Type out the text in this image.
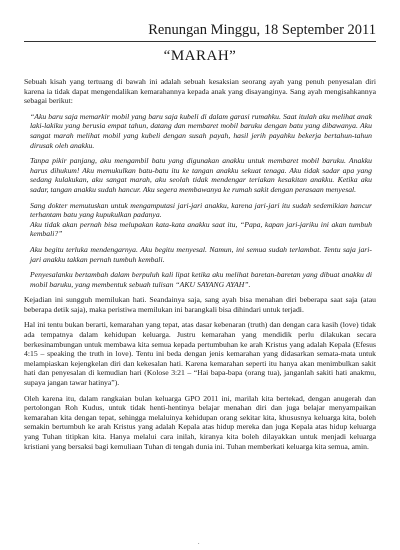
Renungan Minggu, 18 September 2011
“MARAH”

Sebuah kisah yang tertuang di bawah ini adalah sebuah kesaksian seorang ayah yang penuh penyesalan diri karena ia tidak dapat mengendalikan kemarahannya kepada anak yang disayanginya. Sang ayah mengisahkannya sebagai berikut:

“Aku baru saja memarkir mobil yang baru saja kubeli di dalam garasi rumahku. Saat itulah aku melihat anak laki-lakiku yang berusia empat tahun, datang dan membaret mobil baruku dengan batu yang dibawanya. Aku sangat marah melihat mobil yang kubeli dengan susah payah, hasil jerih payahku bekerja bertahun-tahun dirusak oleh anakku.

Tanpa pikir panjang, aku mengambil batu yang digunakan anakku untuk membaret mobil baruku. Anakku harus dihukum! Aku memukulkan batu-batu itu ke tangan anakku sekuat tenaga. Aku tidak sadar apa yang sedang kulakukan, aku sangat marah, aku seolah tidak mendengar teriakan kesakitan anakku. Ketika aku sadar, tangan anakku sudah hancur. Aku segera membawanya ke rumah sakit dengan perasaan menyesal.

Sang dokter memutuskan untuk mengamputasi jari-jari anakku, karena jari-jari itu sudah sedemikian hancur terhantam batu yang kupukulkan padanya.
Aku tidak akan pernah bisa melupakan kata-kata anakku saat itu, “Papa, kapan jari-jariku ini akan tumbuh kembali?”

Aku begitu terluka mendengarnya. Aku begitu menyesal. Namun, ini semua sudah terlambat. Tentu saja jari-jari anakku takkan pernah tumbuh kembali.

Penyesalanku bertambah dalam berpuluh kali lipat ketika aku melihat baretan-baretan yang dibuat anakku di mobil baruku, yang membentuk sebuah tulisan “AKU SAYANG AYAH”.

Kejadian ini sungguh memilukan hati. Seandainya saja, sang ayah bisa menahan diri beberapa saat saja (atau beberapa detik saja), maka peristiwa memilukan ini barangkali bisa dihindari untuk terjadi.

Hal ini tentu bukan berarti, kemarahan yang tepat, atas dasar kebenaran (truth) dan dengan cara kasih (love) tidak ada tempatnya dalam kehidupan keluarga. Justru kemarahan yang mendidik perlu dilakukan secara berkesinambungan untuk membawa kita semua kepada pertumbuhan ke arah Kristus yang adalah Kepala (Efesus 4:15 – speaking the truth in love). Tentu ini beda dengan jenis kemarahan yang didasarkan semata-mata untuk melampiaskan kejengkelan diri dan kekesalan hati. Karena kemarahan seperti itu hanya akan menimbulkan sakit hati dan penyesalan di kemudian hari (Kolose 3:21 – “Hai bapa-bapa (orang tua), janganlah sakiti hati anakmu, supaya jangan tawar hatinya”).

Oleh karena itu, dalam rangkaian bulan keluarga GPO 2011 ini, marilah kita bertekad, dengan anugerah dan pertolongan Roh Kudus, untuk tidak henti-hentinya belajar menahan diri dan juga belajar menyampaikan kemarahan kita dengan tepat, sehingga melaluinya kehidupan orang sekitar kita, khususnya keluarga kita, boleh semakin bertumbuh ke arah Kristus yang adalah Kepala atas hidup mereka dan juga Kepala atas hidup keluarga yang Tuhan titipkan kita. Hanya melalui cara inilah, kiranya kita boleh dilayakkan untuk menjadi keluarga kristiani yang bersaksi bagi kemuliaan Tuhan di tengah dunia ini. Tuhan memberkati keluarga kita semua, amin.

.
